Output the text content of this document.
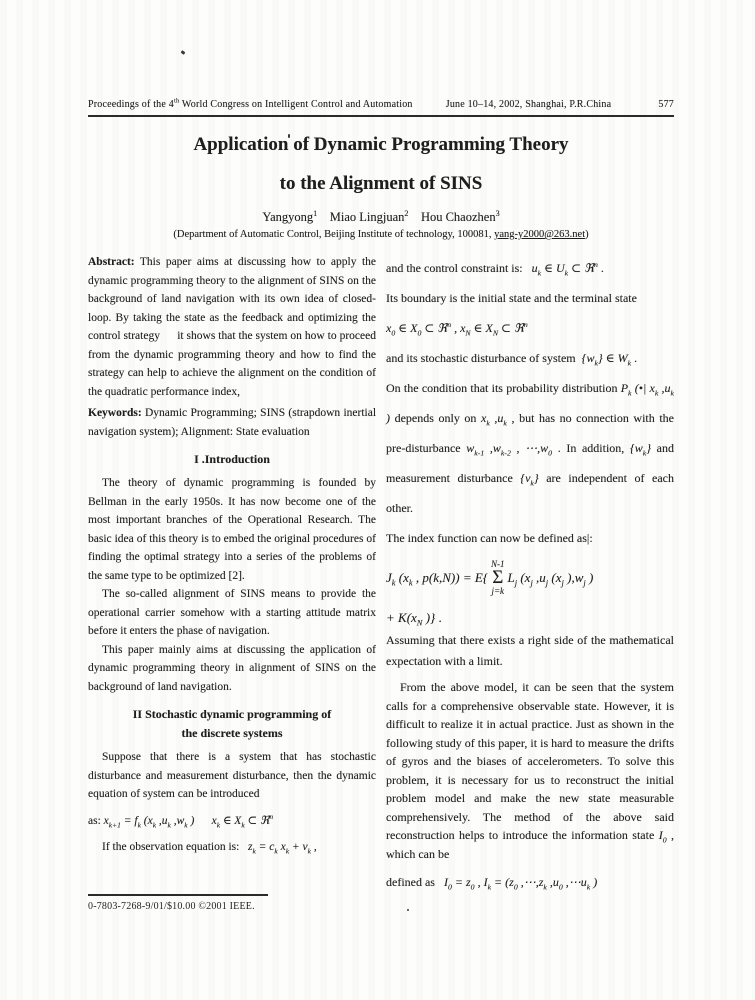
Proceedings of the 4th World Congress on Intelligent Control and Automation	June 10–14, 2002, Shanghai, P.R.China	577
Application of Dynamic Programming Theory
to the Alignment of SINS
Yangyong$^1$ Miao Lingjuan$^2$ Hou Chaozhen$^3$
(Department of Automatic Control, Beijing Institute of technology, 100081, yang-y2000@263.net)

Abstract: This paper aims at discussing how to apply the dynamic programming theory to the alignment of SINS on the background of land navigation with its own idea of closed-loop. By taking the state as the feedback and optimizing the control strategy  it shows that the system on how to proceed from the dynamic programming theory and how to find the strategy can help to achieve the alignment on the condition of the quadratic performance index,

Keywords: Dynamic Programming; SINS (strapdown inertial navigation system); Alignment: State evaluation

I .Introduction

The theory of dynamic programming is founded by Bellman in the early 1950s. It has now become one of the most important branches of the Operational Research. The basic idea of this theory is to embed the original procedures of finding the optimal strategy into a series of the problems of the same type to be optimized [2].

The so-called alignment of SINS means to provide the operational carrier somehow with a starting attitude matrix before it enters the phase of navigation.

This paper mainly aims at discussing the application of dynamic programming theory in alignment of SINS on the background of land navigation.

II Stochastic dynamic programming of
the discrete systems

Suppose that there is a system that has stochastic disturbance and measurement disturbance, then the dynamic equation of system can be introduced

as: $x_{k+1} = f_k$ ($x_k$ $,u_k$ $,w_k$ )   $x_k$ ∈ $X_k$ ⊂ ℜ$^n$

If the observation equation is:  $z_k = c_k$ $x_k + v_k$ ,

and the control constraint is:  $u_k$ ∈ $U_k$ ⊂ ℜ$^n$ .

Its boundary is the initial state and the terminal state

$x_0$ ∈ $X_0$ ⊂ ℜ$^n$ , $x_N$ ∈ $X_N$ ⊂ ℜ$^n$

and its stochastic disturbance of system $\{w_k\}$ ∈ $W_k$ .

On the condition that its probability distribution $P_k$ (•| $x_k$ $,u_k$ ) depends only on $x_k$ $,u_k$ , but has no connection with the pre-disturbance $w_{k-1}$ $,w_{k-2}$ , $\cdots,w_0$ . In addition, $\{w_k\}$ and measurement disturbance $\{v_k\}$ are independent of each other.

The index function can now be defined as|:

$J_k$ ($x_k$ , p(k,N)) = E{
N-1
Σ
j=k
$L_j$ ($x_j$ $,u_j$ ($x_j$ )$,w_j$ )
+ $K(x_N$ )} .

Assuming that there exists a right side of the mathematical expectation with a limit.

From the above model, it can be seen that the system calls for a comprehensive observable state. However, it is difficult to realize it in actual practice. Just as shown in the following study of this paper, it is hard to measure the drifts of gyros and the biases of accelerometers. To solve this problem, it is necessary for us to reconstruct the initial problem model and make the new state measurable comprehensively. The method of the above said reconstruction helps to introduce the information state $I_0$ , which can be

defined as  $I_0 = z_0$ , $I_k = (z_0$ $,\cdots,z_k$ $,u_0$ $,\cdots u_k$ )

0-7803-7268-9/01/$10.00 ©2001 IEEE.
